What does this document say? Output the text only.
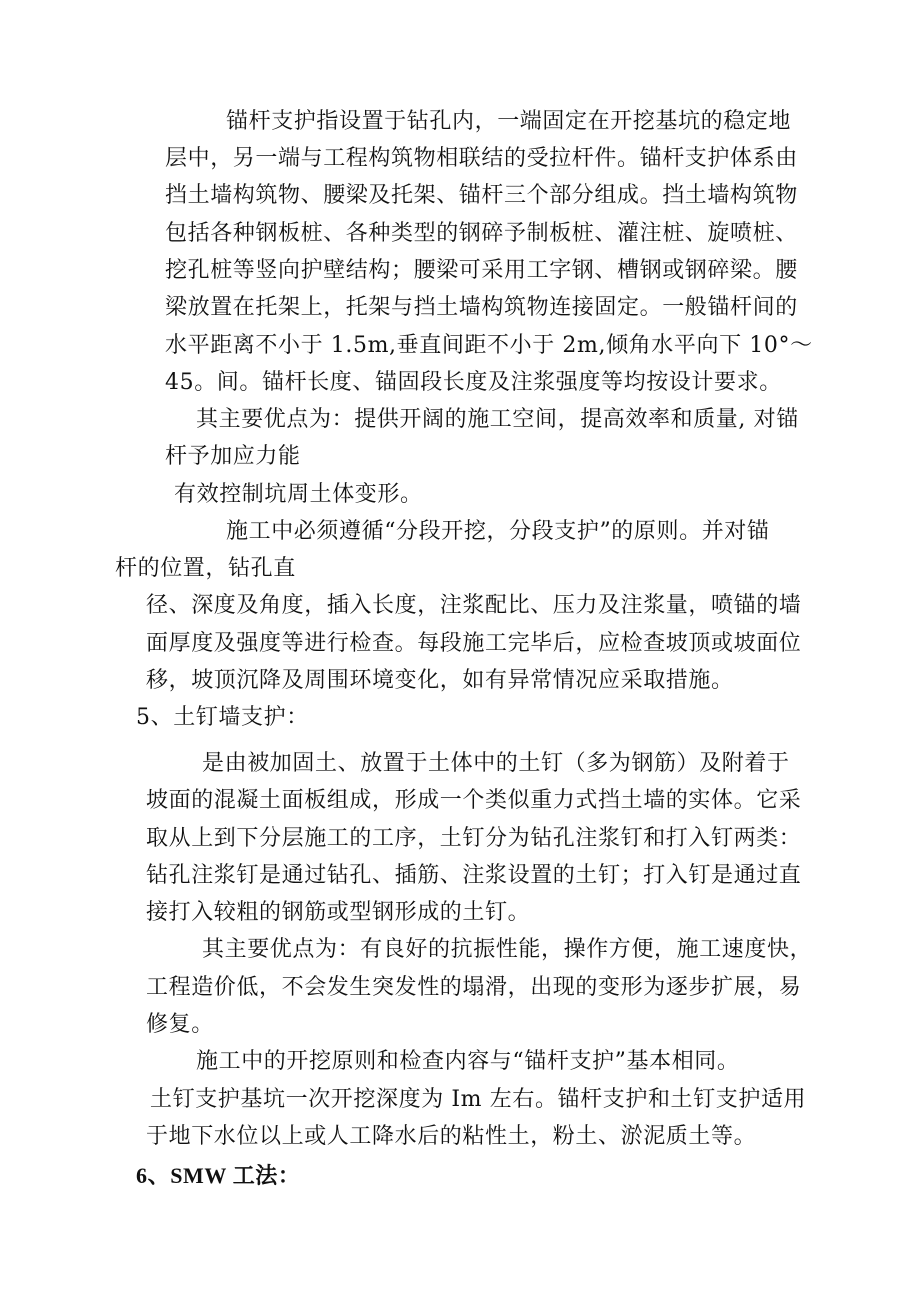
锚杆支护指设置于钻孔内，一端固定在开挖基坑的稳定地
层中，另一端与工程构筑物相联结的受拉杆件。锚杆支护体系由
挡土墙构筑物、腰梁及托架、锚杆三个部分组成。挡土墙构筑物
包括各种钢板桩、各种类型的钢碎予制板桩、灌注桩、旋喷桩、
挖孔桩等竖向护壁结构；腰梁可采用工字钢、槽钢或钢碎梁。腰
梁放置在托架上，托架与挡土墙构筑物连接固定。一般锚杆间的
水平距离不小于 1.5m,垂直间距不小于 2m,倾角水平向下 10°～
45。间。锚杆长度、锚固段长度及注浆强度等均按设计要求。
其主要优点为：提供开阔的施工空间，提高效率和质量, 对锚
杆予加应力能
有效控制坑周土体变形。
施工中必须遵循“分段开挖，分段支护”的原则。并对锚
杆的位置，钻孔直
径、深度及角度，插入长度，注浆配比、压力及注浆量，喷锚的墙
面厚度及强度等进行检查。每段施工完毕后，应检查坡顶或坡面位
移，坡顶沉降及周围环境变化，如有异常情况应采取措施。
5、土钉墙支护：
是由被加固土、放置于土体中的土钉（多为钢筋）及附着于
坡面的混凝土面板组成，形成一个类似重力式挡土墙的实体。它采
取从上到下分层施工的工序，土钉分为钻孔注浆钉和打入钉两类：
钻孔注浆钉是通过钻孔、插筋、注浆设置的土钉；打入钉是通过直
接打入较粗的钢筋或型钢形成的土钉。
其主要优点为：有良好的抗振性能，操作方便，施工速度快，
工程造价低，不会发生突发性的塌滑，出现的变形为逐步扩展，易
修复。
施工中的开挖原则和检查内容与“锚杆支护”基本相同。
土钉支护基坑一次开挖深度为 Im 左右。锚杆支护和土钉支护适用
于地下水位以上或人工降水后的粘性土，粉土、淤泥质土等。
6、SMW 工法：
